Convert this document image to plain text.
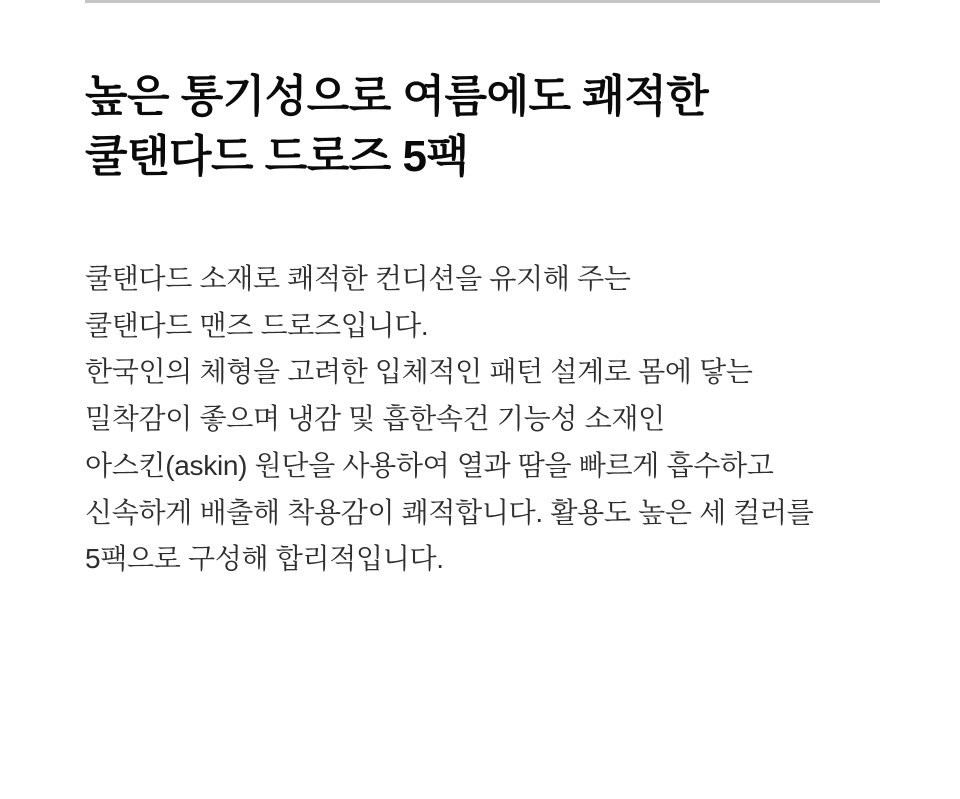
높은 통기성으로 여름에도 쾌적한
쿨탠다드 드로즈 5팩

쿨탠다드 소재로 쾌적한 컨디션을 유지해 주는
쿨탠다드 맨즈 드로즈입니다.
한국인의 체형을 고려한 입체적인 패턴 설계로 몸에 닿는
밀착감이 좋으며 냉감 및 흡한속건 기능성 소재인
아스킨(askin) 원단을 사용하여 열과 땀을 빠르게 흡수하고
신속하게 배출해 착용감이 쾌적합니다. 활용도 높은 세 컬러를
5팩으로 구성해 합리적입니다.
